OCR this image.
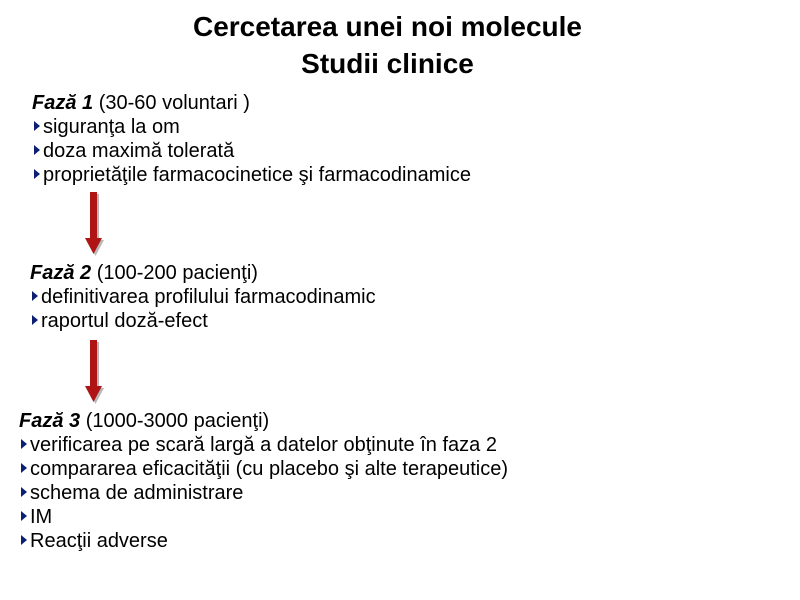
Cercetarea unei noi molecule
Studii clinice
Fază 1 (30-60 voluntari )
siguranţa la om
doza maximă tolerată
proprietăţile farmacocinetice şi farmacodinamice
Fază 2 (100-200 pacienţi)
definitivarea profilului farmacodinamic
raportul doză-efect
Fază 3 (1000-3000 pacienţi)
verificarea pe scară largă a datelor obţinute în faza 2
compararea eficacităţii (cu placebo şi alte terapeutice)
schema de administrare
IM
Reacţii adverse
